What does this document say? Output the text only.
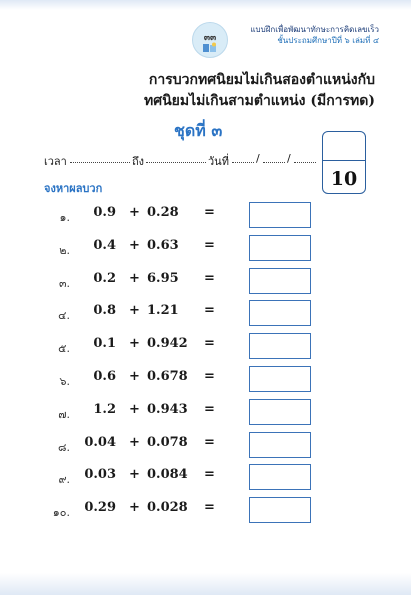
๓๓
แบบฝึกเพื่อพัฒนาทักษะการคิดเลขเร็ว
ชั้นประถมศึกษาปีที่ ๖ เล่มที่ ๔
การบวกทศนิยมไม่เกินสองตำแหน่งกับ
ทศนิยมไม่เกินสามตำแหน่ง (มีการทด)
ชุดที่ ๓
10
เวลา	ถึง	วันที่ / /
จงหาผลบวก
๑.	0.9 + 0.28 =
๒.	0.4 + 0.63 =
๓.	0.2 + 6.95 =
๔.	0.8 + 1.21 =
๕.	0.1 + 0.942 =
๖.	0.6 + 0.678 =
๗.	1.2 + 0.943 =
๘.	0.04 + 0.078 =
๙.	0.03 + 0.084 =
๑๐.	0.29 + 0.028 =
